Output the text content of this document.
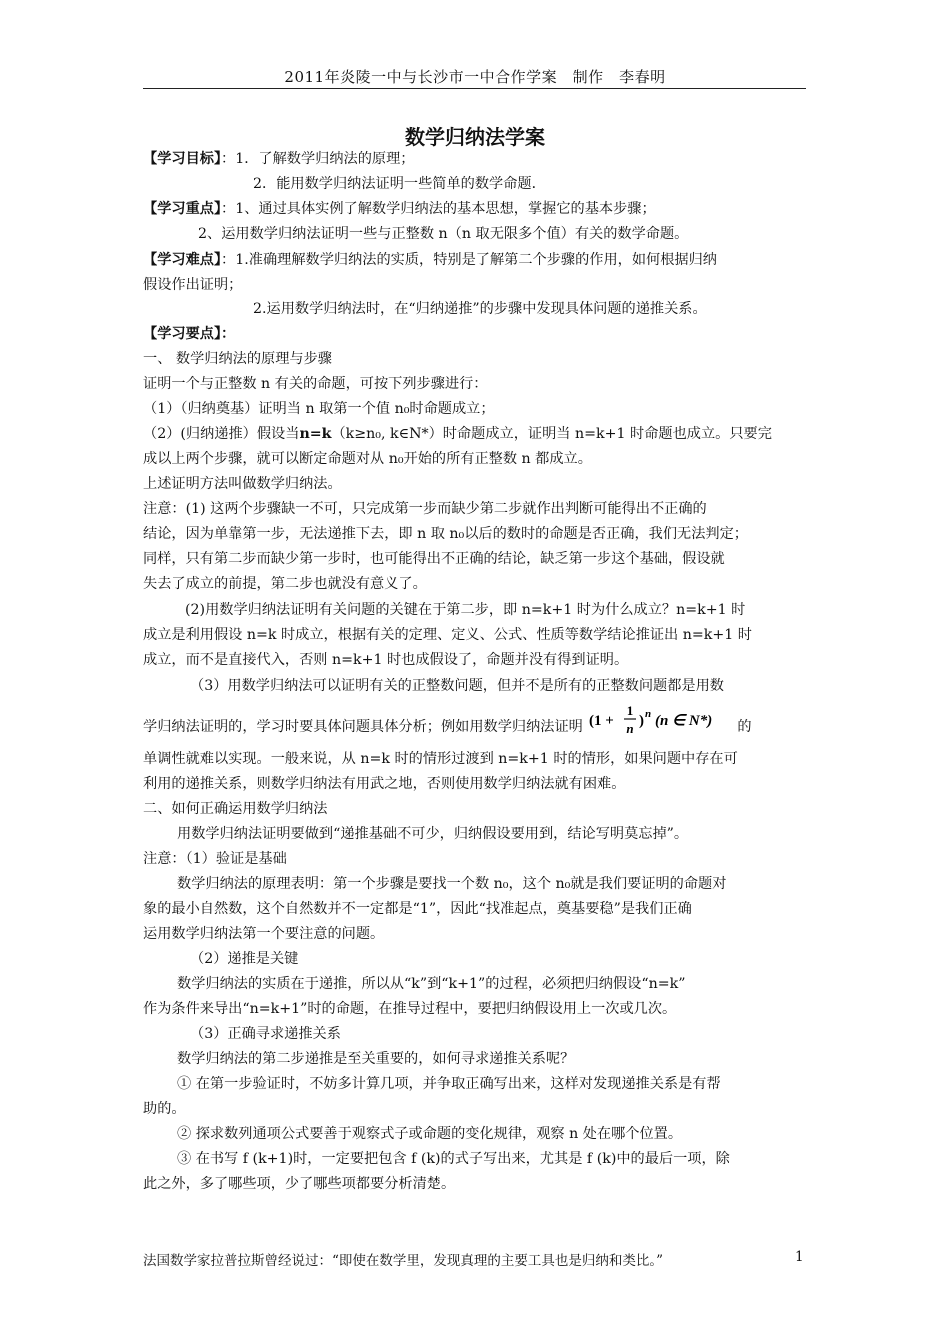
2011年炎陵一中与长沙市一中合作学案　制作　李春明
数学归纳法学案
【学习目标】：1．了解数学归纳法的原理；
2．能用数学归纳法证明一些简单的数学命题．
【学习重点】：1、通过具体实例了解数学归纳法的基本思想，掌握它的基本步骤；
2、运用数学归纳法证明一些与正整数 n（n 取无限多个值）有关的数学命题。
【学习难点】：1.准确理解数学归纳法的实质，特别是了解第二个步骤的作用，如何根据归纳
假设作出证明；
2.运用数学归纳法时，在“归纳递推”的步骤中发现具体问题的递推关系。
【学习要点】：
一、 数学归纳法的原理与步骤
证明一个与正整数 n 有关的命题，可按下列步骤进行：
（1）（归纳奠基）证明当 n 取第一个值 n₀时命题成立；
（2）(归纳递推）假设当n=k（k≥n₀, k∈N*）时命题成立，证明当 n=k+1 时命题也成立。只要完
成以上两个步骤，就可以断定命题对从 n₀开始的所有正整数 n 都成立。
上述证明方法叫做数学归纳法。
注意：(1) 这两个步骤缺一不可，只完成第一步而缺少第二步就作出判断可能得出不正确的
结论，因为单靠第一步，无法递推下去，即 n 取 n₀以后的数时的命题是否正确，我们无法判定；
同样，只有第二步而缺少第一步时，也可能得出不正确的结论，缺乏第一步这个基础，假设就
失去了成立的前提，第二步也就没有意义了。
(2)用数学归纳法证明有关问题的关键在于第二步，即 n=k+1 时为什么成立？n=k+1 时
成立是利用假设 n=k 时成立，根据有关的定理、定义、公式、性质等数学结论推证出 n=k+1 时
成立，而不是直接代入，否则 n=k+1 时也成假设了，命题并没有得到证明。
（3）用数学归纳法可以证明有关的正整数问题，但并不是所有的正整数问题都是用数
学归纳法证明的，学习时要具体问题具体分析；例如用数学归纳法证明 (1 +
1
n ) n (n ∈ N*) 的
单调性就难以实现。一般来说，从 n=k 时的情形过渡到 n=k+1 时的情形，如果问题中存在可
利用的递推关系，则数学归纳法有用武之地，否则使用数学归纳法就有困难。
二、如何正确运用数学归纳法
用数学归纳法证明要做到“递推基础不可少，归纳假设要用到，结论写明莫忘掉”。
注意：（1）验证是基础
数学归纳法的原理表明：第一个步骤是要找一个数 n₀，这个 n₀就是我们要证明的命题对
象的最小自然数，这个自然数并不一定都是“1”，因此“找准起点，奠基要稳”是我们正确
运用数学归纳法第一个要注意的问题。
（2）递推是关键
数学归纳法的实质在于递推，所以从“k”到“k+1”的过程，必须把归纳假设“n=k”
作为条件来导出“n=k+1”时的命题，在推导过程中，要把归纳假设用上一次或几次。
（3）正确寻求递推关系
数学归纳法的第二步递推是至关重要的，如何寻求递推关系呢？
① 在第一步验证时，不妨多计算几项，并争取正确写出来，这样对发现递推关系是有帮
助的。
② 探求数列通项公式要善于观察式子或命题的变化规律，观察 n 处在哪个位置。
③ 在书写 f (k+1)时，一定要把包含 f (k)的式子写出来，尤其是 f (k)中的最后一项，除
此之外，多了哪些项，少了哪些项都要分析清楚。
法国数学家拉普拉斯曾经说过：“即使在数学里，发现真理的主要工具也是归纳和类比。”	1
